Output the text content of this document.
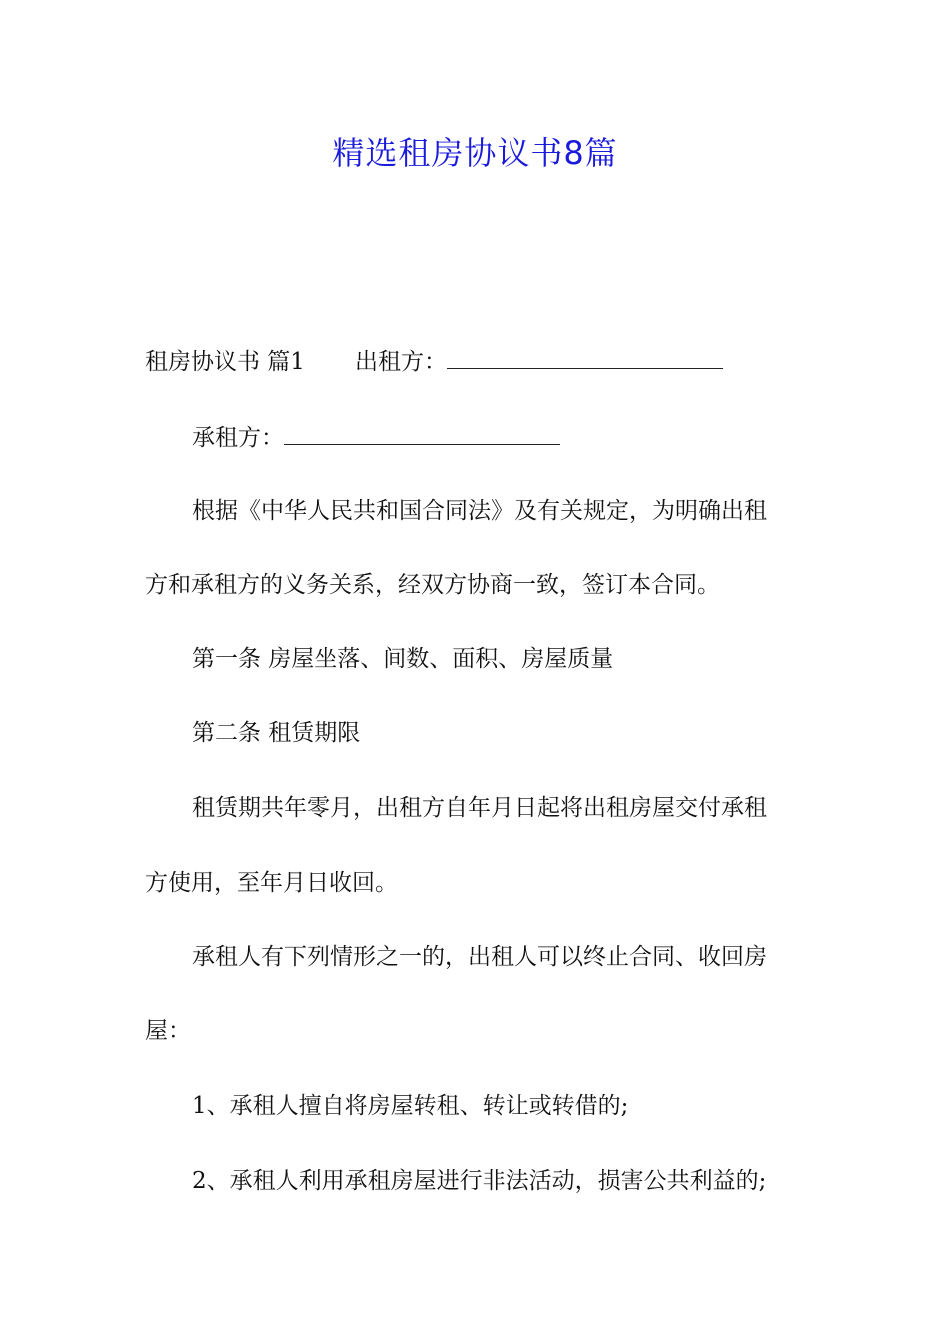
精选租房协议书8篇
租房协议书 篇1 出租方：
承租方：
根据《中华人民共和国合同法》及有关规定，为明确出租
方和承租方的义务关系，经双方协商一致，签订本合同。
第一条 房屋坐落、间数、面积、房屋质量
第二条 租赁期限
租赁期共年零月，出租方自年月日起将出租房屋交付承租
方使用，至年月日收回。
承租人有下列情形之一的，出租人可以终止合同、收回房
屋：
1、承租人擅自将房屋转租、转让或转借的;
2、承租人利用承租房屋进行非法活动，损害公共利益的;
